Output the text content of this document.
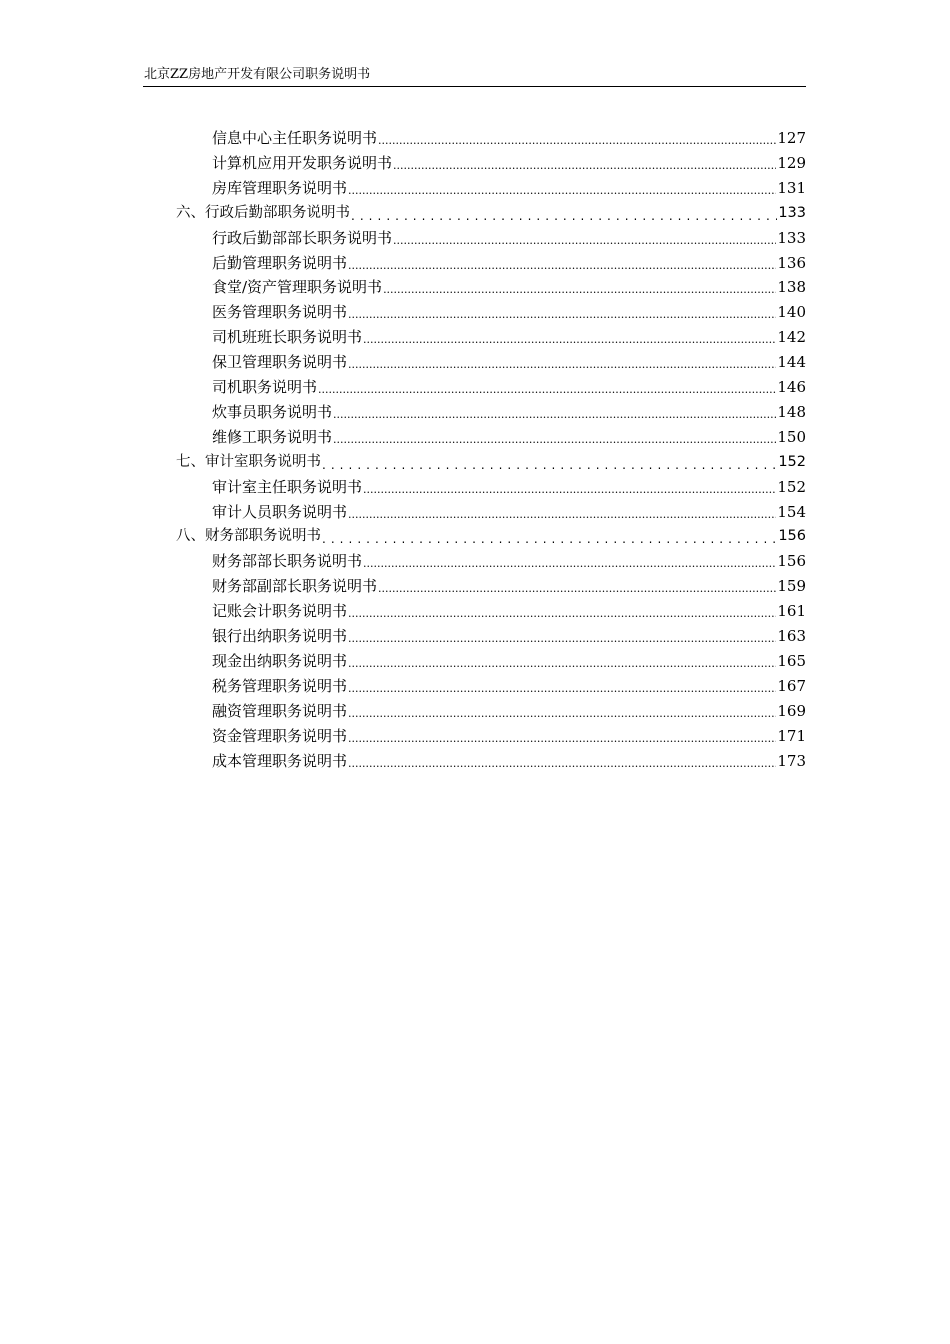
北京ZZ房地产开发有限公司职务说明书
信息中心主任职务说明书 .....	127
计算机应用开发职务说明书 .....	129
房库管理职务说明书 .....	131
六、行政后勤部职务说明书 . . .	133
行政后勤部部长职务说明书 .....	133
后勤管理职务说明书 .....	136
食堂/资产管理职务说明书 .....	138
医务管理职务说明书 .....	140
司机班班长职务说明书 .....	142
保卫管理职务说明书 .....	144
司机职务说明书 .....	146
炊事员职务说明书 .....	148
维修工职务说明书 .....	150
七、审计室职务说明书 . . .	152
审计室主任职务说明书 .....	152
审计人员职务说明书 .....	154
八、财务部职务说明书 . . .	156
财务部部长职务说明书 .....	156
财务部副部长职务说明书 .....	159
记账会计职务说明书 .....	161
银行出纳职务说明书 .....	163
现金出纳职务说明书 .....	165
税务管理职务说明书 .....	167
融资管理职务说明书 .....	169
资金管理职务说明书 .....	171
成本管理职务说明书 .....	173
